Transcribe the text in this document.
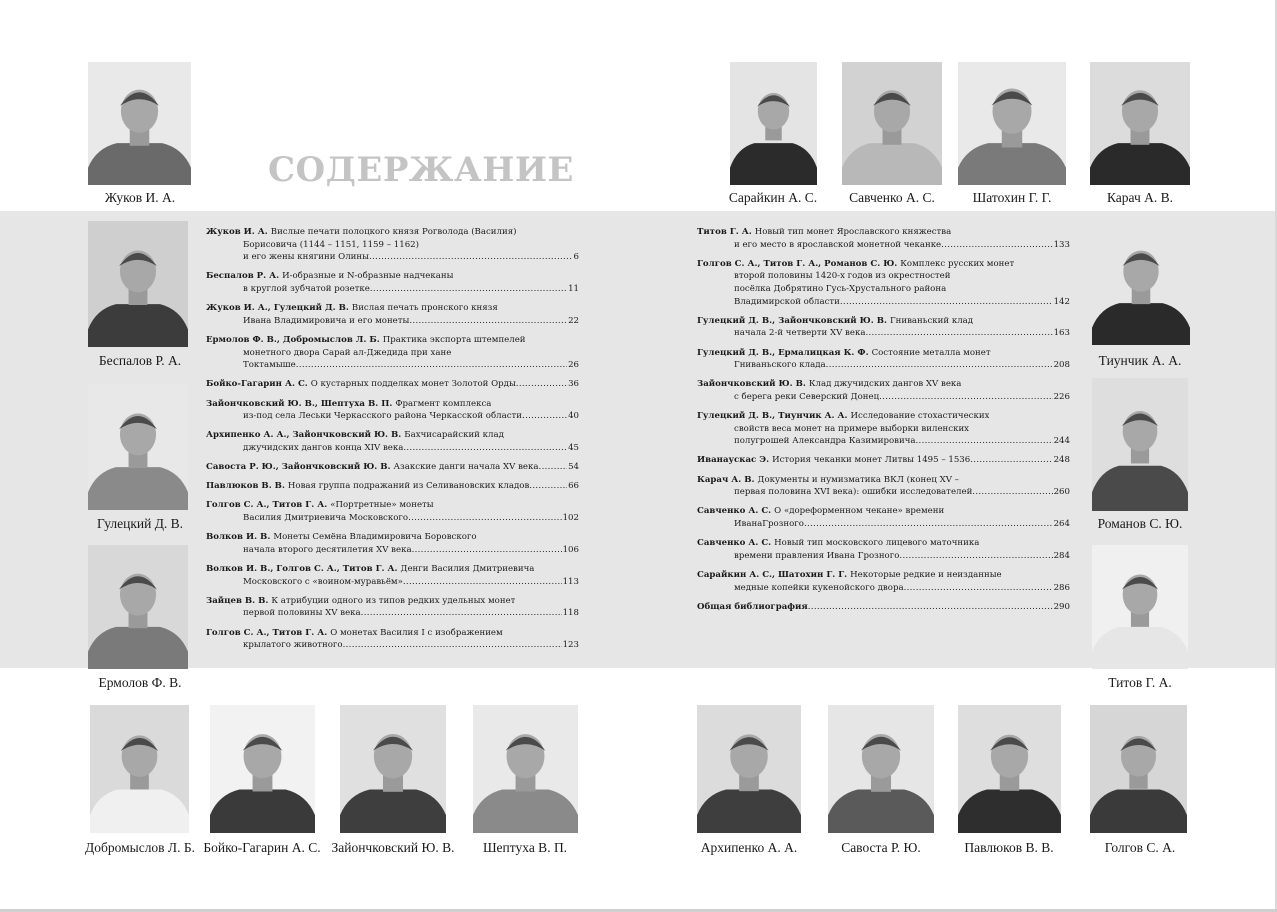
СОДЕРЖАНИЕ
Жуков И. А.	Сарайкин А. С.	Савченко А. С.	Шатохин Г. Г.	Карач А. В.
Беспалов Р. А.
Гулецкий Д. В.
Ермолов Ф. В.
Тиунчик А. А.
Романов С. Ю.
Титов Г. А.
Добромыслов Л. Б. Бойко-Гагарин А. С. Зайончковский Ю. В.	Шептуха В. П.	Архипенко А. А.	Савоста Р. Ю.	Павлюков В. В.	Голгов С. А.
Жуков И. А. Вислые печати полоцкого князя Рогволода (Василия)
Борисовича (1144 – 1151, 1159 – 1162)
и его жены княгини Олины .....	6
Беспалов Р. А. И-образные и N-образные надчеканы
в круглой зубчатой розетке .....	11
Жуков И. А., Гулецкий Д. В. Вислая печать пронского князя
Ивана Владимировича и его монеты .....	22
Ермолов Ф. В., Добромыслов Л. Б. Практика экспорта штемпелей
монетного двора Сарай ал-Джедида при хане
Токтамыше .....	26
Бойко-Гагарин А. С. О кустарных подделках монет Золотой Орды .....	36
Зайончковский Ю. В., Шептуха В. П. Фрагмент комплекса
из-под села Леськи Черкасского района Черкасской области .....	40
Архипенко А. А., Зайончковский Ю. В. Бахчисарайский клад
джучидских дангов конца XIV века .....	45
Савоста Р. Ю., Зайончковский Ю. В. Азакские данги начала XV века .....	54
Павлюков В. В. Новая группа подражаний из Селивановских кладов .....	66
Голгов С. А., Титов Г. А. «Портретные» монеты
Василия Дмитриевича Московского .....	102
Волков И. В. Монеты Семёна Владимировича Боровского
начала второго десятилетия XV века .....	106
Волков И. В., Голгов С. А., Титов Г. А. Денги Василия Дмитриевича
Московского с «воином-муравьём» .....	113
Зайцев В. В. К атрибуции одного из типов редких удельных монет
первой половины XV века .....	118
Голгов С. А., Титов Г. А. О монетах Василия I с изображением
крылатого животного .....	123
Титов Г. А. Новый тип монет Ярославского княжества
и его место в ярославской монетной чеканке .....	133
Голгов С. А., Титов Г. А., Романов С. Ю. Комплекс русских монет
второй половины 1420-х годов из окрестностей
посёлка Добрятино Гусь-Хрустального района
Владимирской области .....	142
Гулецкий Д. В., Зайончковский Ю. В. Гнивaньский клад
начала 2-й четверти XV века .....	163
Гулецкий Д. В., Ермалицкая К. Ф. Состояние металла монет
Гнивaньского клада .....	208
Зайончковский Ю. В. Клад джучидских дангов XV века
с берега реки Северский Донец .....	226
Гулецкий Д. В., Тиунчик А. А. Исследование стохастических
свойств веса монет на примере выборки виленских
полугрошей Александра Казимировича .....	244
Иванаускас Э. История чеканки монет Литвы 1495 – 1536 .....	248
Карач А. В. Документы и нумизматика ВКЛ (конец XV –
первая половина XVI века): ошибки исследователей .....	260
Савченко А. С. О «дореформенном чекане» времени
ИванаГрозного .....	264
Савченко А. С. Новый тип московского лицевого маточника
времени правления Ивана Грозного .....	284
Сарайкин А. С., Шатохин Г. Г. Некоторые редкие и неизданные
медные копейки кукенойского двора .....	286
Общая библиография .....	290
